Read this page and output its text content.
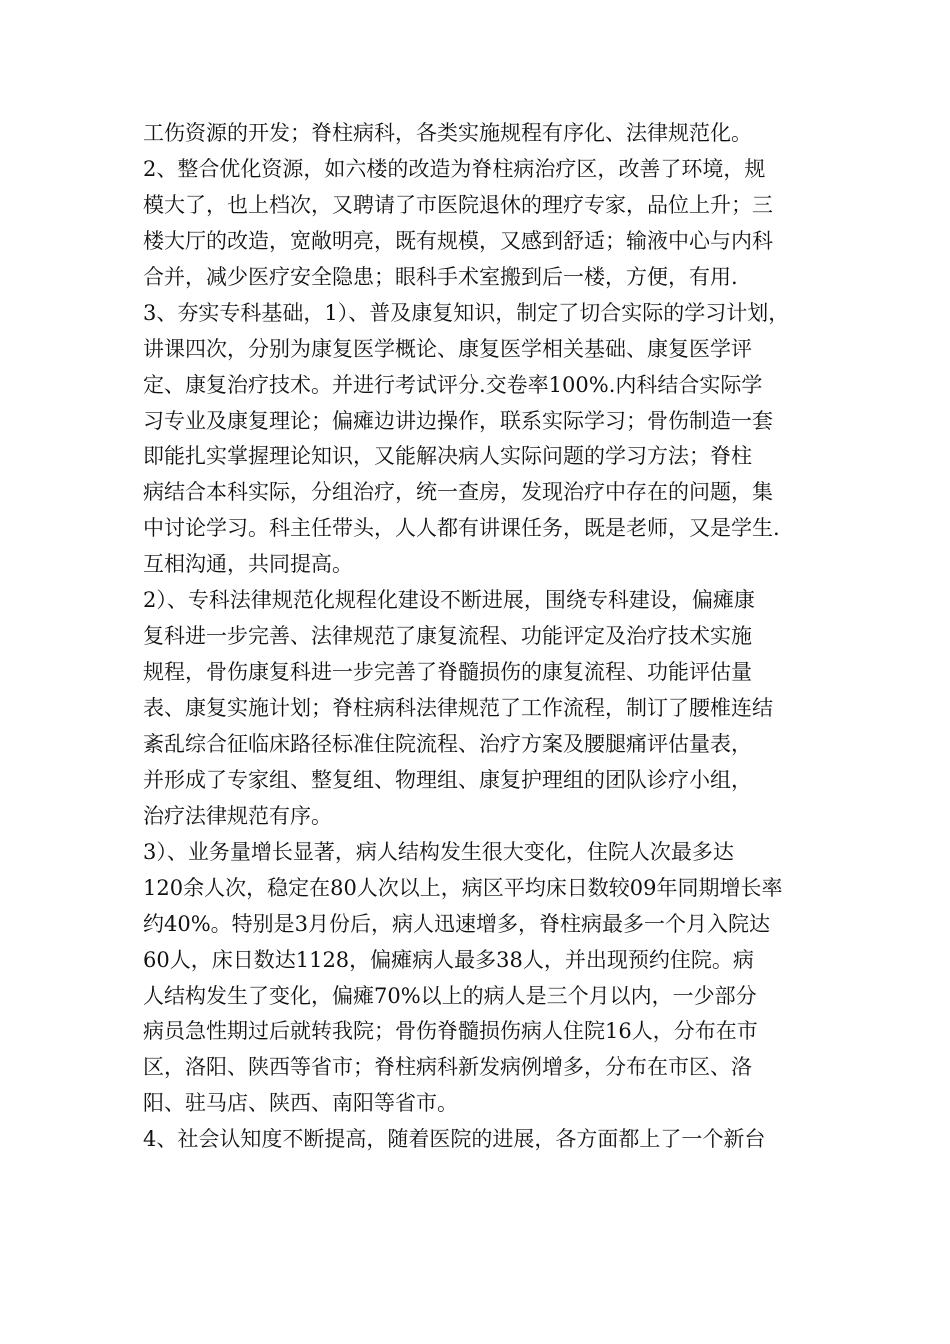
工伤资源的开发；脊柱病科，各类实施规程有序化、法律规范化。
2、整合优化资源，如六楼的改造为脊柱病治疗区，改善了环境，规
模大了，也上档次，又聘请了市医院退休的理疗专家，品位上升；三
楼大厅的改造，宽敞明亮，既有规模，又感到舒适；输液中心与内科
合并，减少医疗安全隐患；眼科手术室搬到后一楼，方便，有用.
3、夯实专科基础，1）、普及康复知识，制定了切合实际的学习计划，
讲课四次，分别为康复医学概论、康复医学相关基础、康复医学评
定、康复治疗技术。并进行考试评分.交卷率100%.内科结合实际学
习专业及康复理论；偏瘫边讲边操作，联系实际学习；骨伤制造一套
即能扎实掌握理论知识，又能解决病人实际问题的学习方法；脊柱
病结合本科实际，分组治疗，统一查房，发现治疗中存在的问题，集
中讨论学习。科主任带头，人人都有讲课任务，既是老师，又是学生.
互相沟通，共同提高。
2）、专科法律规范化规程化建设不断进展，围绕专科建设，偏瘫康
复科进一步完善、法律规范了康复流程、功能评定及治疗技术实施
规程，骨伤康复科进一步完善了脊髓损伤的康复流程、功能评估量
表、康复实施计划；脊柱病科法律规范了工作流程，制订了腰椎连结
紊乱综合征临床路径标准住院流程、治疗方案及腰腿痛评估量表，
并形成了专家组、整复组、物理组、康复护理组的团队诊疗小组，
治疗法律规范有序。
3）、业务量增长显著，病人结构发生很大变化，住院人次最多达
120余人次，稳定在80人次以上，病区平均床日数较09年同期增长率
约40%。特别是3月份后，病人迅速增多，脊柱病最多一个月入院达
60人，床日数达1128，偏瘫病人最多38人，并出现预约住院。病
人结构发生了变化，偏瘫70%以上的病人是三个月以内，一少部分
病员急性期过后就转我院；骨伤脊髓损伤病人住院16人，分布在市
区，洛阳、陕西等省市；脊柱病科新发病例增多，分布在市区、洛
阳、驻马店、陕西、南阳等省市。
4、社会认知度不断提高，随着医院的进展，各方面都上了一个新台
